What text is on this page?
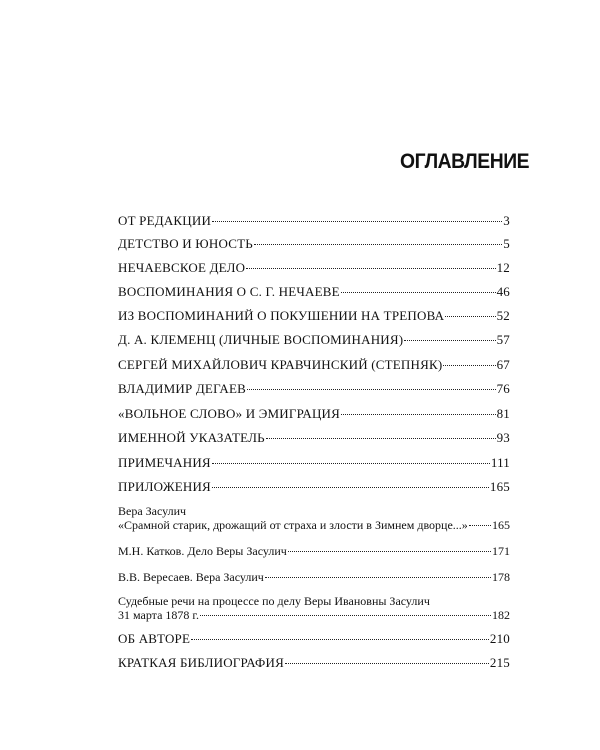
ОГЛАВЛЕНИЕ
ОТ РЕДАКЦИИ	3
ДЕТСТВО И ЮНОСТЬ	5
НЕЧАЕВСКОЕ ДЕЛО	12
ВОСПОМИНАНИЯ О С. Г. НЕЧАЕВЕ	46
ИЗ ВОСПОМИНАНИЙ О ПОКУШЕНИИ НА ТРЕПОВА	52
Д. А. КЛЕМЕНЦ (ЛИЧНЫЕ ВОСПОМИНАНИЯ)	57
СЕРГЕЙ МИХАЙЛОВИЧ КРАВЧИНСКИЙ (СТЕПНЯК)	67
ВЛАДИМИР ДЕГАЕВ	76
«ВОЛЬНОЕ СЛОВО» И ЭМИГРАЦИЯ	81
ИМЕННОЙ УКАЗАТЕЛЬ	93
ПРИМЕЧАНИЯ	111
ПРИЛОЖЕНИЯ	165
Вера Засулич
«Срамной старик, дрожащий от страха и злости в Зимнем дворце...» 165
М.Н. Катков. Дело Веры Засулич	171
В.В. Вересаев. Вера Засулич	178
Судебные речи на процессе по делу Веры Ивановны Засулич
31 марта 1878 г.	182
ОБ АВТОРЕ	210
КРАТКАЯ БИБЛИОГРАФИЯ	215
